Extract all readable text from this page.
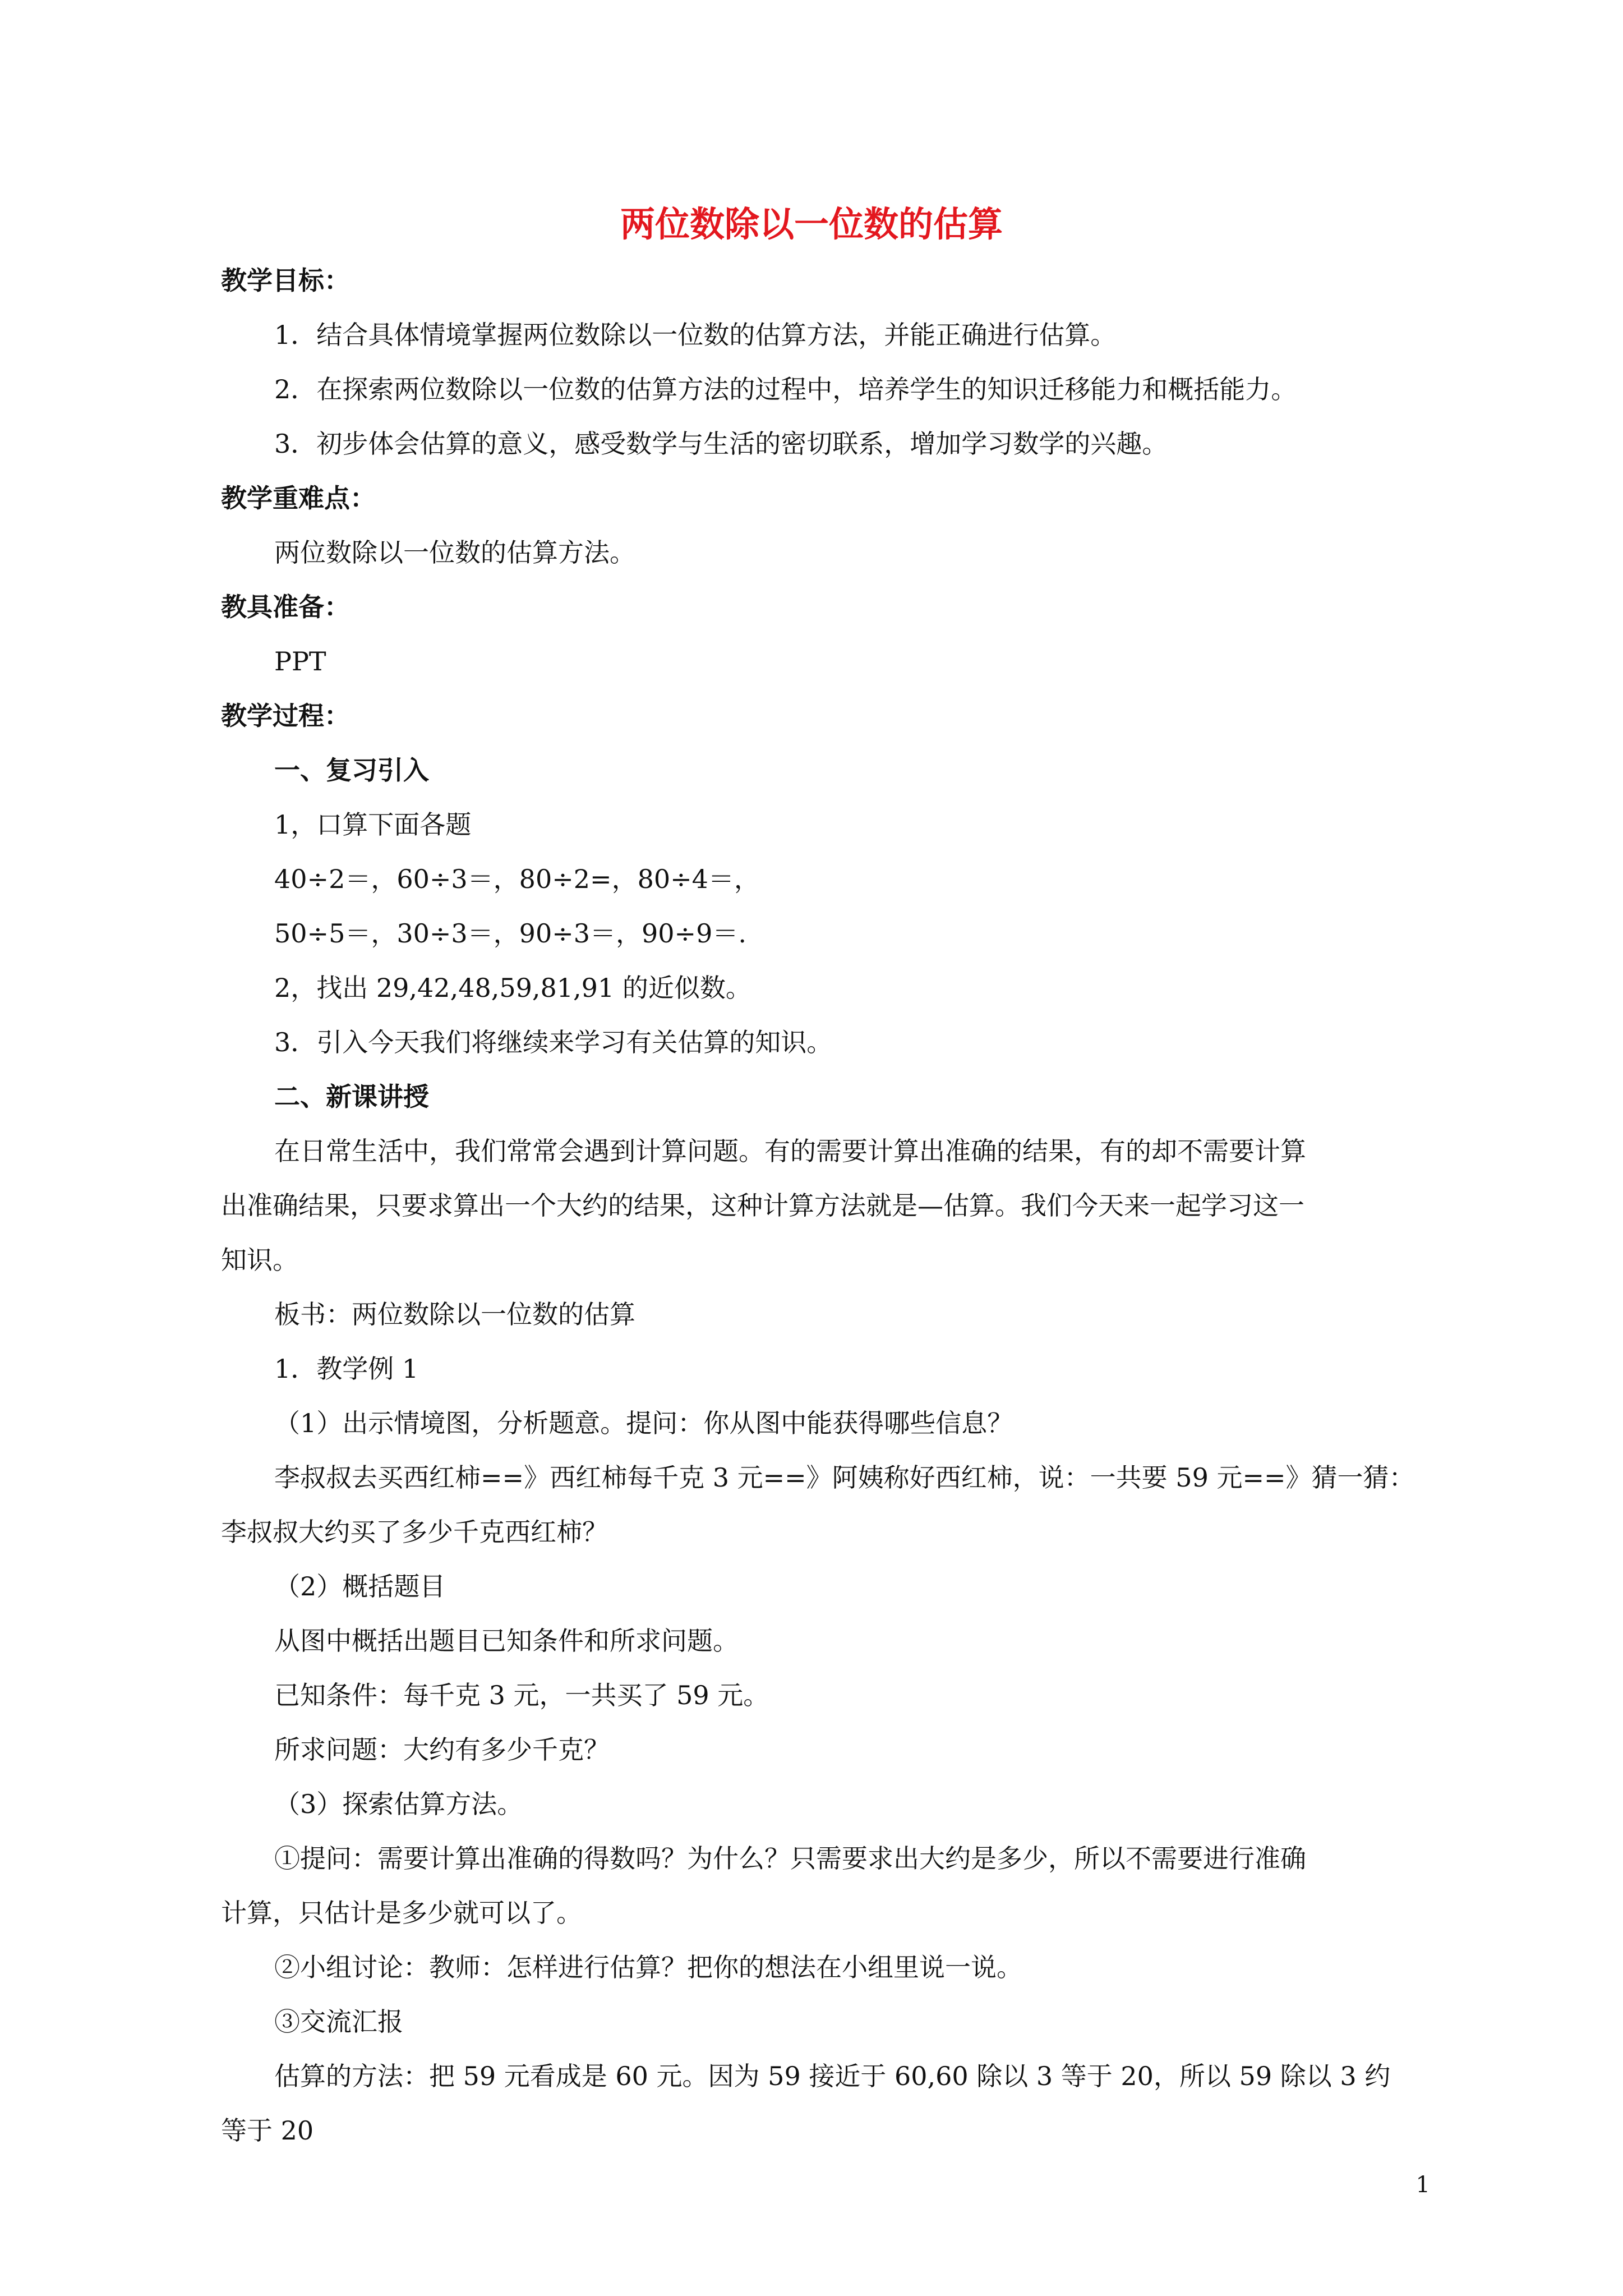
两位数除以一位数的估算
教学目标：
1．结合具体情境掌握两位数除以一位数的估算方法，并能正确进行估算。
2．在探索两位数除以一位数的估算方法的过程中，培养学生的知识迁移能力和概括能力。
3．初步体会估算的意义，感受数学与生活的密切联系，增加学习数学的兴趣。
教学重难点：
两位数除以一位数的估算方法。
教具准备：
PPT
教学过程：
一、复习引入
1，口算下面各题
40÷2＝，60÷3＝，80÷2=，80÷4＝，
50÷5＝，30÷3＝，90÷3＝，90÷9＝.
2，找出 29,42,48,59,81,91 的近似数。
3．引入今天我们将继续来学习有关估算的知识。
二、新课讲授
在日常生活中，我们常常会遇到计算问题。有的需要计算出准确的结果，有的却不需要计算
出准确结果，只要求算出一个大约的结果，这种计算方法就是—估算。我们今天来一起学习这一
知识。
板书：两位数除以一位数的估算
1．教学例 1
（1）出示情境图，分析题意。提问：你从图中能获得哪些信息？
李叔叔去买西红柿==》西红柿每千克 3 元==》阿姨称好西红柿，说：一共要 59 元==》猜一猜：
李叔叔大约买了多少千克西红柿？
（2）概括题目
从图中概括出题目已知条件和所求问题。
已知条件：每千克 3 元，一共买了 59 元。
所求问题：大约有多少千克？
（3）探索估算方法。
①提问：需要计算出准确的得数吗？为什么？只需要求出大约是多少，所以不需要进行准确
计算，只估计是多少就可以了。
②小组讨论：教师：怎样进行估算？把你的想法在小组里说一说。
③交流汇报
估算的方法：把 59 元看成是 60 元。因为 59 接近于 60,60 除以 3 等于 20，所以 59 除以 3 约
等于 20
1
